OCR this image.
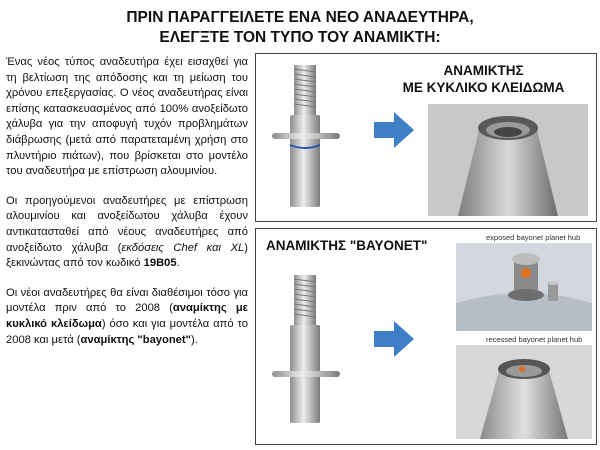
ΠΡΙΝ ΠΑΡΑΓΓΕΙΛΕΤΕ ΕΝΑ ΝΕΟ ΑΝΑΔΕΥΤΗΡΑ,
ΕΛΕΓΞΤΕ ΤΟΝ ΤΥΠΟ ΤΟΥ ΑΝΑΜΙΚΤΗ:

Ένας νέος τύπος αναδευτήρα έχει εισαχθεί για τη βελτίωση της απόδοσης και τη μείωση του χρόνου επεξεργασίας. Ο νέος αναδευτήρας είναι επίσης κατασκευασμένος από 100% ανοξείδωτο χάλυβα για την αποφυγή τυχόν προβλημάτων διάβρωσης (μετά από παρατεταμένη χρήση στο πλυντήριο πιάτων), που βρίσκεται στο μοντέλο του αναδευτήρα με επίστρωση αλουμινίου.

Οι προηγούμενοι αναδευτήρες με επίστρωση αλουμινίου και ανοξείδωτου χάλυβα έχουν αντικατασταθεί από νέους αναδευτήρες από ανοξείδωτο χάλυβα (εκδόσεις Chef και XL) ξεκινώντας από τον κωδικό 19B05.

Οι νέοι αναδευτήρες θα είναι διαθέσιμοι τόσο για μοντέλα πριν από το 2008 (αναμίκτης με κυκλικό κλείδωμα) όσο και για μοντέλα από το 2008 και μετά (αναμίκτης "bayonet").

ΑΝΑΜΙΚΤΗΣ
ΜΕ ΚΥΚΛΙΚΟ ΚΛΕΙΔΩΜΑ
ΑΝΑΜΙΚΤΗΣ "BAYONET"
exposed bayonet planet hub
recessed bayonet planet hub
